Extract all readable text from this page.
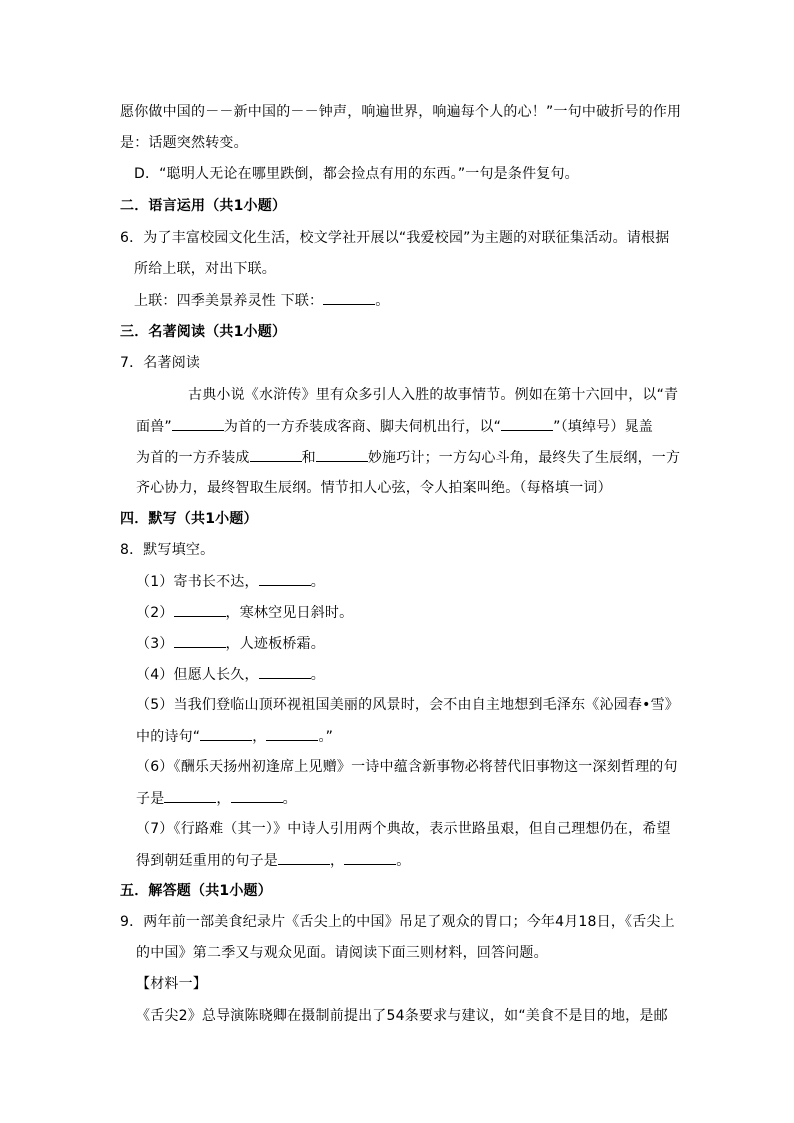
愿你做中国的－－新中国的－－钟声，响遍世界，响遍每个人的心！”一句中破折号的作用
是：话题突然转变。
D．“聪明人无论在哪里跌倒，都会捡点有用的东西。”一句是条件复句。
二．语言运用（共1小题）
6．为了丰富校园文化生活，校文学社开展以“我爱校园”为主题的对联征集活动。请根据
所给上联，对出下联。
上联：四季美景养灵性 下联：	。
三．名著阅读（共1小题）
7．名著阅读
古典小说《水浒传》里有众多引人入胜的故事情节。例如在第十六回中，以“青
面兽”	为首的一方乔装成客商、脚夫伺机出行，以“	”（填绰号）晁盖
为首的一方乔装成	和	妙施巧计；一方勾心斗角，最终失了生辰纲，一方
齐心协力，最终智取生辰纲。情节扣人心弦，令人拍案叫绝。（每格填一词）
四．默写（共1小题）
8．默写填空。
（1）寄书长不达，	。
（2）	，寒林空见日斜时。
（3）	，人迹板桥霜。
（4）但愿人长久，	。
（5）当我们登临山顶环视祖国美丽的风景时，会不由自主地想到毛泽东《沁园春•雪》
中的诗句“	，	。”
（6）《酬乐天扬州初逢席上见赠》一诗中蕴含新事物必将替代旧事物这一深刻哲理的句
子是	，	。
（7）《行路难（其一）》中诗人引用两个典故，表示世路虽艰，但自己理想仍在，希望
得到朝廷重用的句子是	，	。
五．解答题（共1小题）
9．两年前一部美食纪录片《舌尖上的中国》吊足了观众的胃口；今年4月18日，《舌尖上
的中国》第二季又与观众见面。请阅读下面三则材料，回答问题。
【材料一】
《舌尖2》总导演陈晓卿在摄制前提出了54条要求与建议，如“美食不是目的地，是邮
